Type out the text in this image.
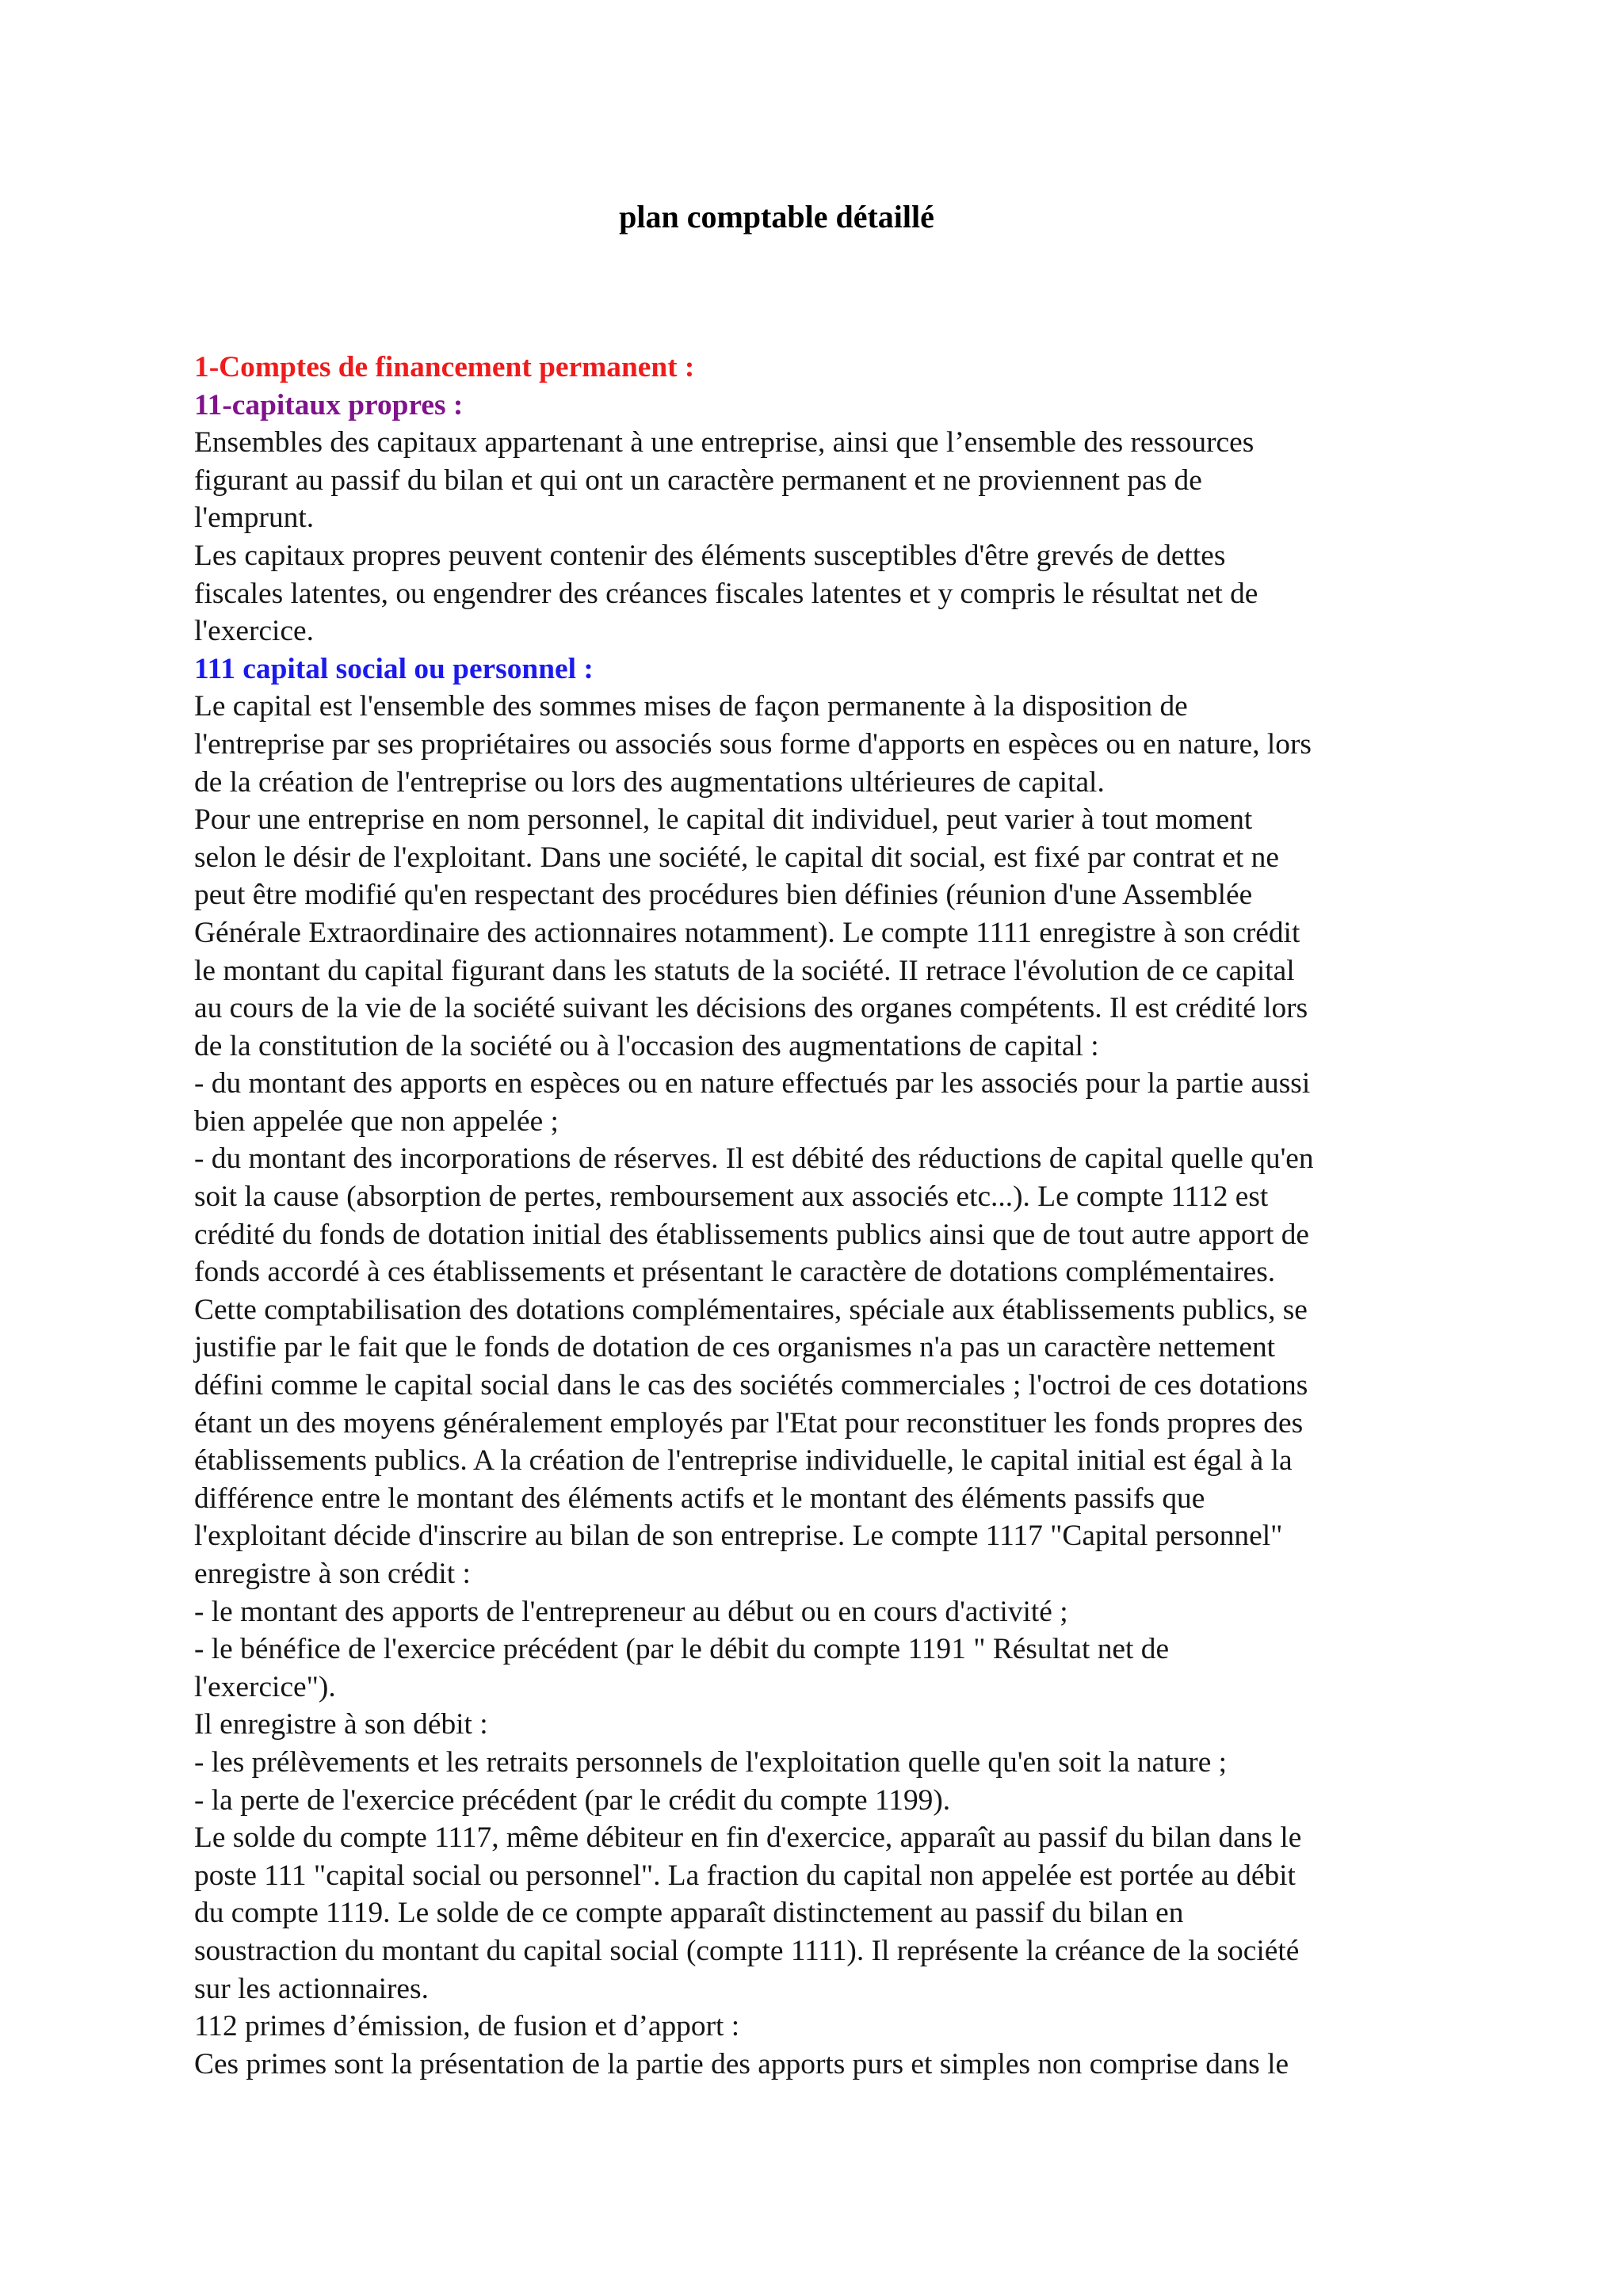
plan comptable détaillé
1-Comptes de financement permanent :
11-capitaux propres :
Ensembles des capitaux appartenant à une entreprise, ainsi que l’ensemble des ressources
figurant au passif du bilan et qui ont un caractère permanent et ne proviennent pas de
l'emprunt.
Les capitaux propres peuvent contenir des éléments susceptibles d'être grevés de dettes
fiscales latentes, ou engendrer des créances fiscales latentes et y compris le résultat net de
l'exercice.
111 capital social ou personnel :
Le capital est l'ensemble des sommes mises de façon permanente à la disposition de
l'entreprise par ses propriétaires ou associés sous forme d'apports en espèces ou en nature, lors
de la création de l'entreprise ou lors des augmentations ultérieures de capital.
Pour une entreprise en nom personnel, le capital dit individuel, peut varier à tout moment
selon le désir de l'exploitant. Dans une société, le capital dit social, est fixé par contrat et ne
peut être modifié qu'en respectant des procédures bien définies (réunion d'une Assemblée
Générale Extraordinaire des actionnaires notamment). Le compte 1111 enregistre à son crédit
le montant du capital figurant dans les statuts de la société. II retrace l'évolution de ce capital
au cours de la vie de la société suivant les décisions des organes compétents. Il est crédité lors
de la constitution de la société ou à l'occasion des augmentations de capital :
- du montant des apports en espèces ou en nature effectués par les associés pour la partie aussi
bien appelée que non appelée ;
- du montant des incorporations de réserves. Il est débité des réductions de capital quelle qu'en
soit la cause (absorption de pertes, remboursement aux associés etc...). Le compte 1112 est
crédité du fonds de dotation initial des établissements publics ainsi que de tout autre apport de
fonds accordé à ces établissements et présentant le caractère de dotations complémentaires.
Cette comptabilisation des dotations complémentaires, spéciale aux établissements publics, se
justifie par le fait que le fonds de dotation de ces organismes n'a pas un caractère nettement
défini comme le capital social dans le cas des sociétés commerciales ; l'octroi de ces dotations
étant un des moyens généralement employés par l'Etat pour reconstituer les fonds propres des
établissements publics. A la création de l'entreprise individuelle, le capital initial est égal à la
différence entre le montant des éléments actifs et le montant des éléments passifs que
l'exploitant décide d'inscrire au bilan de son entreprise. Le compte 1117 "Capital personnel"
enregistre à son crédit :
- le montant des apports de l'entrepreneur au début ou en cours d'activité ;
- le bénéfice de l'exercice précédent (par le débit du compte 1191 " Résultat net de
l'exercice").
Il enregistre à son débit :
- les prélèvements et les retraits personnels de l'exploitation quelle qu'en soit la nature ;
- la perte de l'exercice précédent (par le crédit du compte 1199).
Le solde du compte 1117, même débiteur en fin d'exercice, apparaît au passif du bilan dans le
poste 111 "capital social ou personnel". La fraction du capital non appelée est portée au débit
du compte 1119. Le solde de ce compte apparaît distinctement au passif du bilan en
soustraction du montant du capital social (compte 1111). Il représente la créance de la société
sur les actionnaires.
112 primes d’émission, de fusion et d’apport :
Ces primes sont la présentation de la partie des apports purs et simples non comprise dans le
